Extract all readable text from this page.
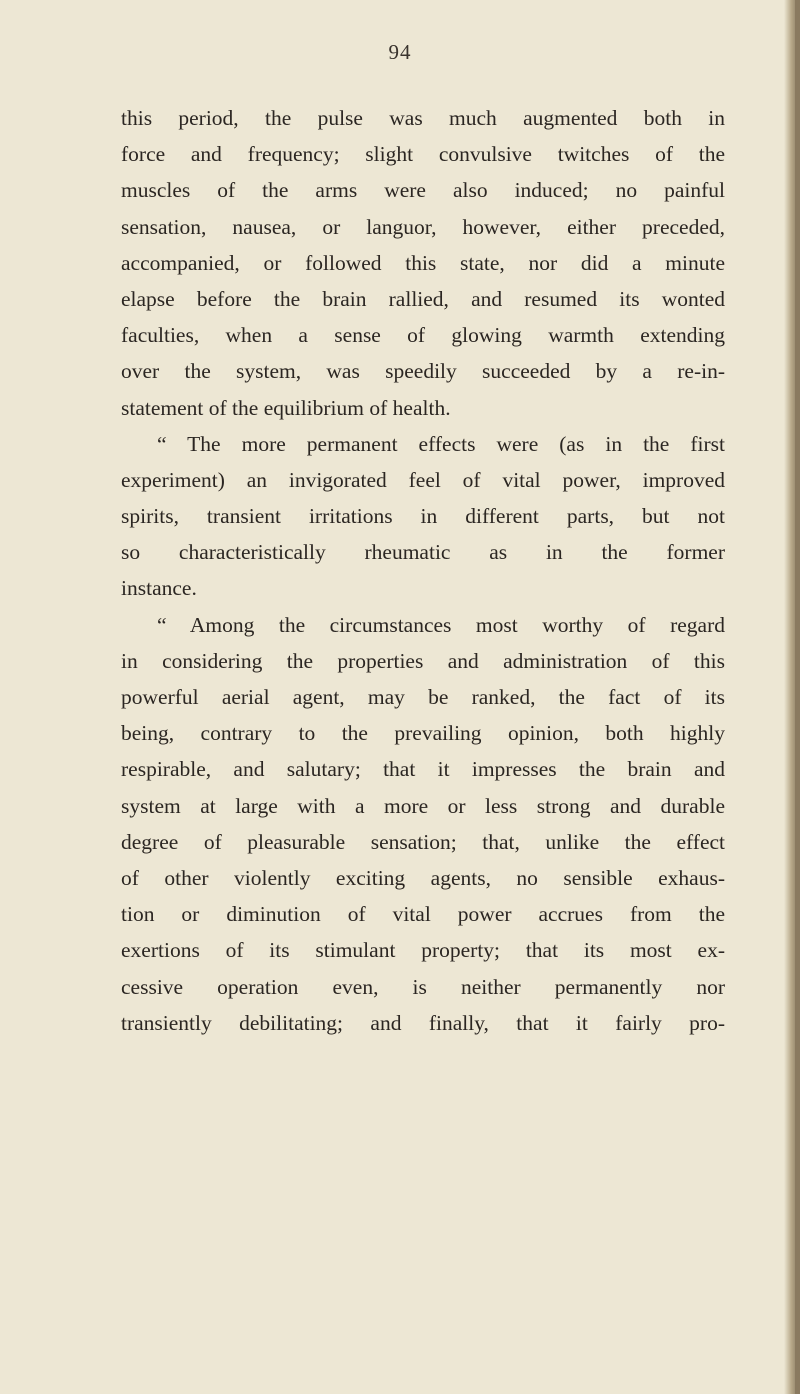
94
this period, the pulse was much augmented both in
force and frequency; slight convulsive twitches of the
muscles of the arms were also induced; no painful
sensation, nausea, or languor, however, either preceded,
accompanied, or followed this state, nor did a minute
elapse before the brain rallied, and resumed its wonted
faculties, when a sense of glowing warmth extending
over the system, was speedily succeeded by a re-in-
statement of the equilibrium of health.
“ The more permanent effects were (as in the first
experiment) an invigorated feel of vital power, improved
spirits, transient irritations in different parts, but not
so characteristically rheumatic as in the former
instance.
“ Among the circumstances most worthy of regard
in considering the properties and administration of this
powerful aerial agent, may be ranked, the fact of its
being, contrary to the prevailing opinion, both highly
respirable, and salutary; that it impresses the brain and
system at large with a more or less strong and durable
degree of pleasurable sensation; that, unlike the effect
of other violently exciting agents, no sensible exhaus-
tion or diminution of vital power accrues from the
exertions of its stimulant property; that its most ex-
cessive operation even, is neither permanently nor
transiently debilitating; and finally, that it fairly pro-
